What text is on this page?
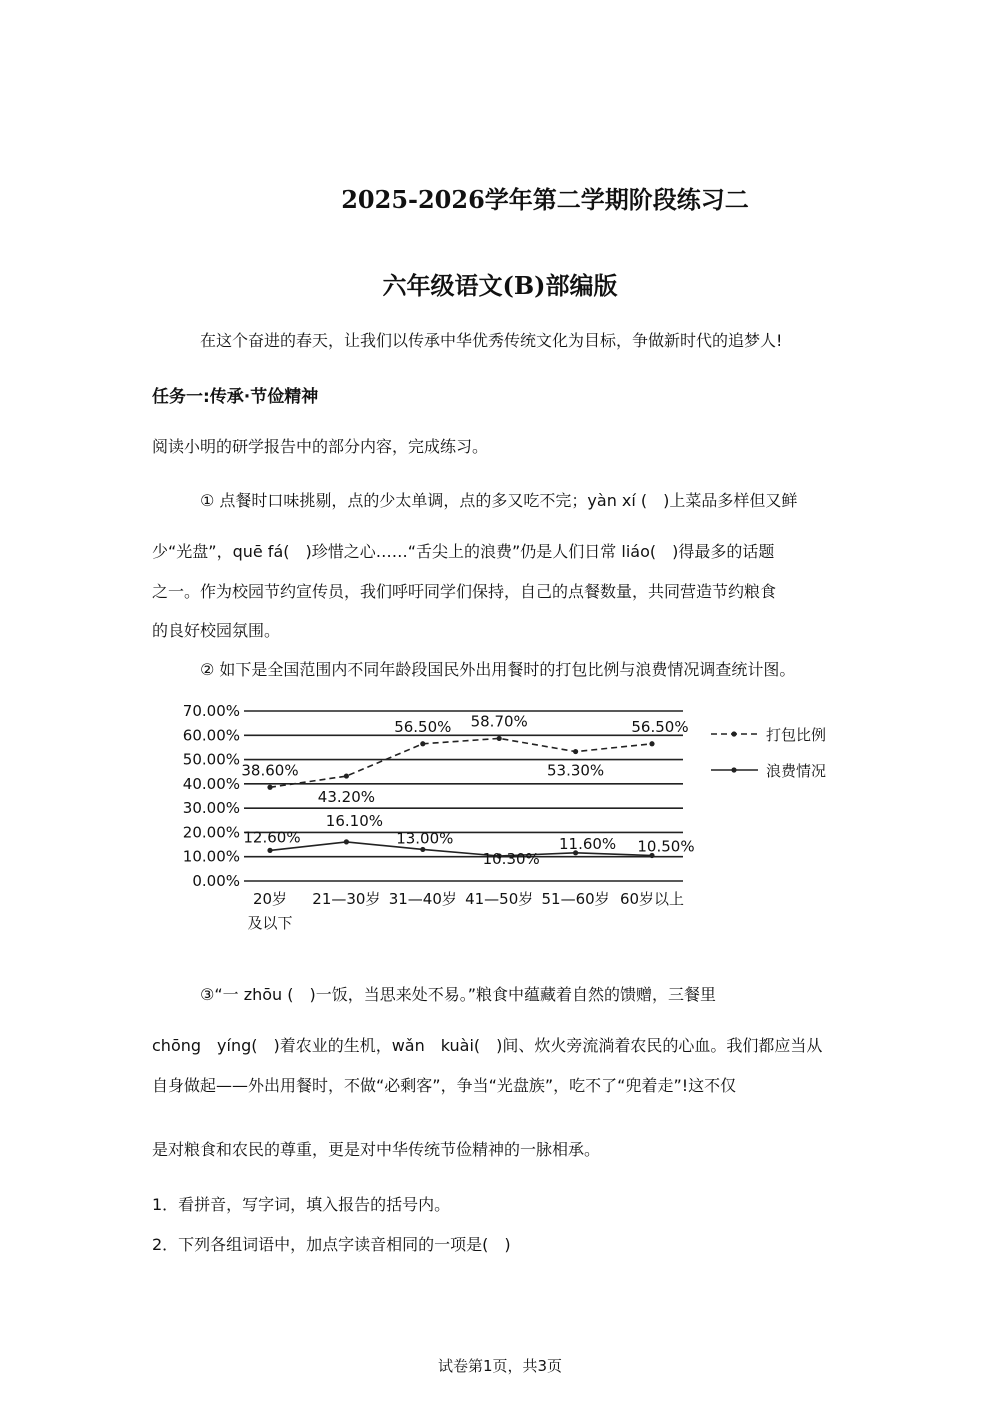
2025-2026学年第二学期阶段练习二
六年级语文(B)部编版
在这个奋进的春天，让我们以传承中华优秀传统文化为目标，争做新时代的追梦人!
任务一:传承·节俭精神
阅读小明的研学报告中的部分内容，完成练习。
① 点餐时口味挑剔，点的少太单调，点的多又吃不完；yàn xí (　)上菜品多样但又鲜
少“光盘”，quē fá(　)珍惜之心……“舌尖上的浪费”仍是人们日常 liáo(　)得最多的话题
之一。作为校园节约宣传员，我们呼吁同学们保持，自己的点餐数量，共同营造节约粮食
的良好校园氛围。
② 如下是全国范围内不同年龄段国民外出用餐时的打包比例与浪费情况调查统计图。
0.00%
10.00%
20.00%
30.00%
40.00%
50.00%
60.00%
70.00%
20岁
及以下
21—30岁 31—40岁 41—50岁 51—60岁 60岁以上
38.60%
43.20%
56.50% 58.70%
53.30%
56.50%
12.60%
16.10%
13.00%
10.30%
11.60% 10.50%
打包比例
浪费情况
③“一 zhōu (　)一饭，当思来处不易。”粮食中蕴藏着自然的馈赠，三餐里
chōng　yíng(　)着农业的生机，wǎn　kuài(　)间、炊火旁流淌着农民的心血。我们都应当从
自身做起——外出用餐时，不做“必剩客”，争当“光盘族”，吃不了“兜着走”!这不仅
是对粮食和农民的尊重，更是对中华传统节俭精神的一脉相承。
1．看拼音，写字词，填入报告的括号内。
2．下列各组词语中，加点字读音相同的一项是(　)
试卷第1页，共3页
